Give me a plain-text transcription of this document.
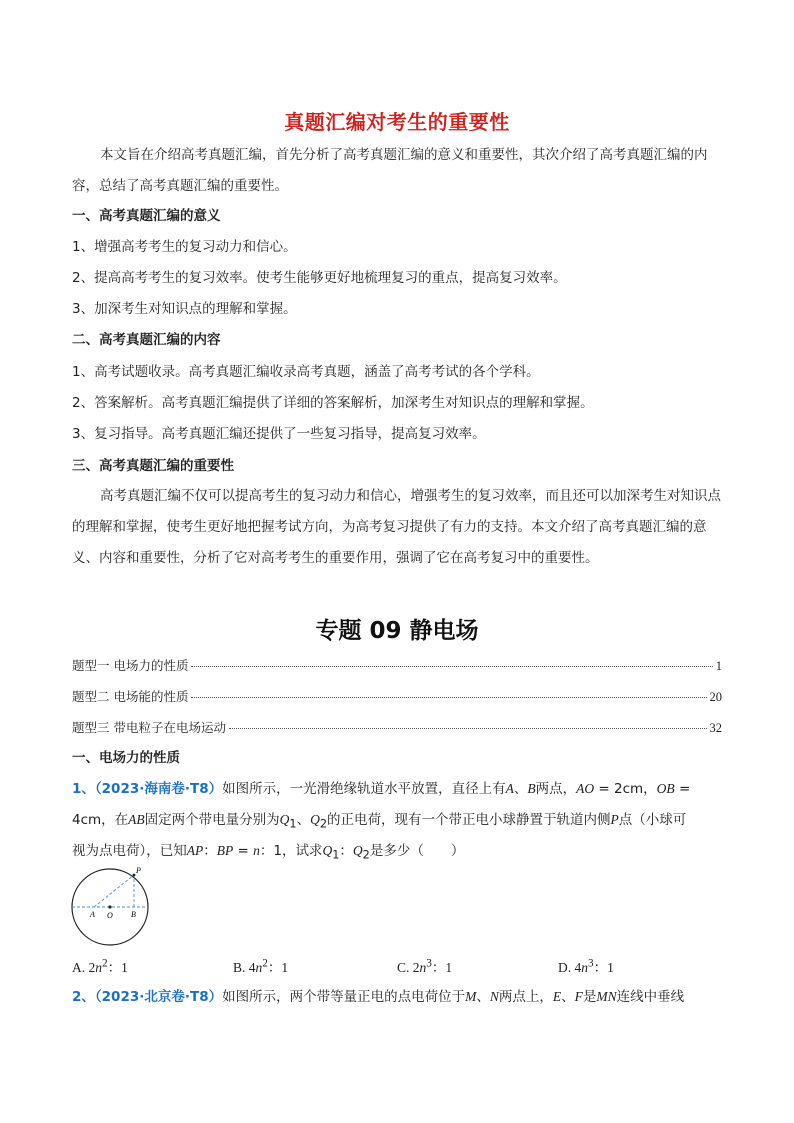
真题汇编对考生的重要性

本文旨在介绍高考真题汇编，首先分析了高考真题汇编的意义和重要性，其次介绍了高考真题汇编的内容，总结了高考真题汇编的重要性。

一、高考真题汇编的意义
1、增强高考考生的复习动力和信心。
2、提高高考考生的复习效率。使考生能够更好地梳理复习的重点，提高复习效率。
3、加深考生对知识点的理解和掌握。
二、高考真题汇编的内容
1、高考试题收录。高考真题汇编收录高考真题，涵盖了高考考试的各个学科。
2、答案解析。高考真题汇编提供了详细的答案解析，加深考生对知识点的理解和掌握。
3、复习指导。高考真题汇编还提供了一些复习指导，提高复习效率。
三、高考真题汇编的重要性

高考真题汇编不仅可以提高考生的复习动力和信心，增强考生的复习效率，而且还可以加深考生对知识点的理解和掌握，使考生更好地把握考试方向，为高考复习提供了有力的支持。本文介绍了高考真题汇编的意义、内容和重要性，分析了它对高考考生的重要作用，强调了它在高考复习中的重要性。

专题 09 静电场
题型一 电场力的性质	1
题型二 电场能的性质	20
题型三 带电粒子在电场运动	32
一、电场力的性质
1、（2023·海南卷·T8）如图所示，一光滑绝缘轨道水平放置，直径上有A、B两点，AO = 2cm，OB =
4cm，在AB固定两个带电量分别为$Q_1$、$Q_2$的正电荷，现有一个带正电小球静置于轨道内侧P点（小球可
视为点电荷），已知AP：BP = n：1，试求$Q_1$：$Q_2$是多少（　　）
P
A O B
A. $2n^2$：1	B. $4n^2$：1	C. $2n^3$：1	D. $4n^3$：1
2、（2023·北京卷·T8）如图所示，两个带等量正电的点电荷位于M、N两点上，E、F是MN连线中垂线
